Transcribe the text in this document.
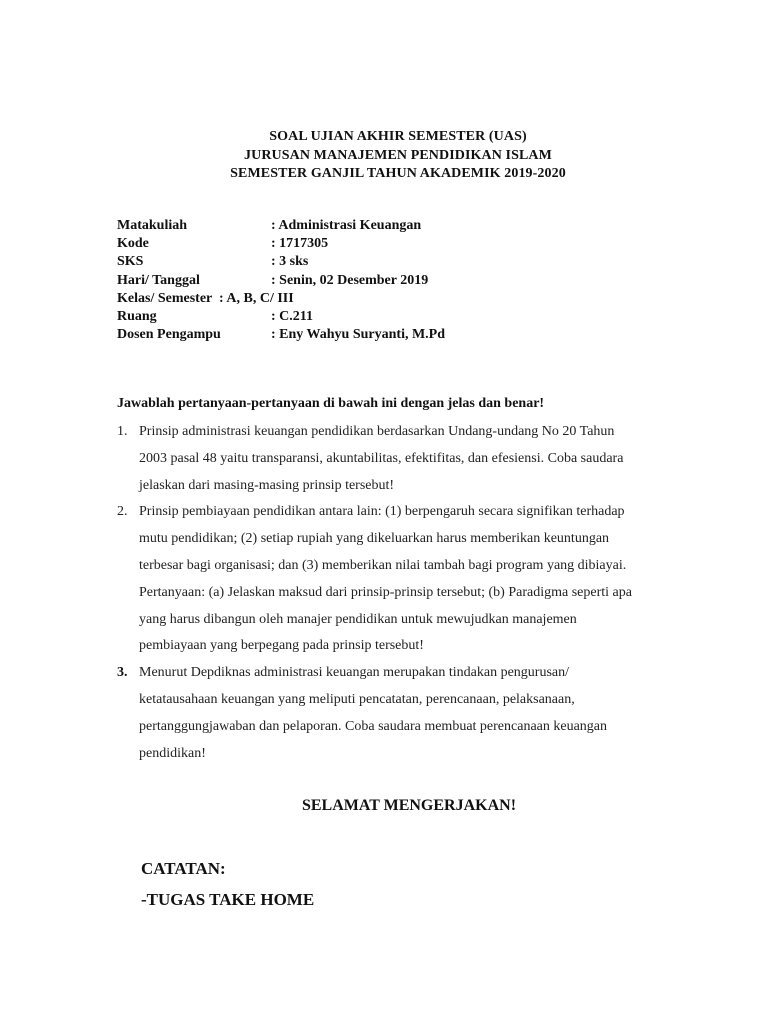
SOAL UJIAN AKHIR SEMESTER (UAS)
JURUSAN MANAJEMEN PENDIDIKAN ISLAM
SEMESTER GANJIL TAHUN AKADEMIK 2019-2020
Matakuliah	: Administrasi Keuangan
Kode	: 1717305
SKS	: 3 sks
Hari/ Tanggal	: Senin, 02 Desember 2019
Kelas/ Semester  : A, B, C/ III
Ruang	: C.211
Dosen Pengampu	: Eny Wahyu Suryanti, M.Pd
Jawablah pertanyaan-pertanyaan di bawah ini dengan jelas dan benar!
1. Prinsip administrasi keuangan pendidikan berdasarkan Undang-undang No 20 Tahun
2003 pasal 48 yaitu transparansi, akuntabilitas, efektifitas, dan efesiensi. Coba saudara
jelaskan dari masing-masing prinsip tersebut!
2. Prinsip pembiayaan pendidikan antara lain: (1) berpengaruh secara signifikan terhadap
mutu pendidikan; (2) setiap rupiah yang dikeluarkan harus memberikan keuntungan
terbesar bagi organisasi; dan (3) memberikan nilai tambah bagi program yang dibiayai.
Pertanyaan: (a) Jelaskan maksud dari prinsip-prinsip tersebut; (b) Paradigma seperti apa
yang harus dibangun oleh manajer pendidikan untuk mewujudkan manajemen
pembiayaan yang berpegang pada prinsip tersebut!
3. Menurut Depdiknas administrasi keuangan merupakan tindakan pengurusan/
ketatausahaan keuangan yang meliputi pencatatan, perencanaan, pelaksanaan,
pertanggungjawaban dan pelaporan. Coba saudara membuat perencanaan keuangan
pendidikan!
SELAMAT MENGERJAKAN!
CATATAN:
-TUGAS TAKE HOME
